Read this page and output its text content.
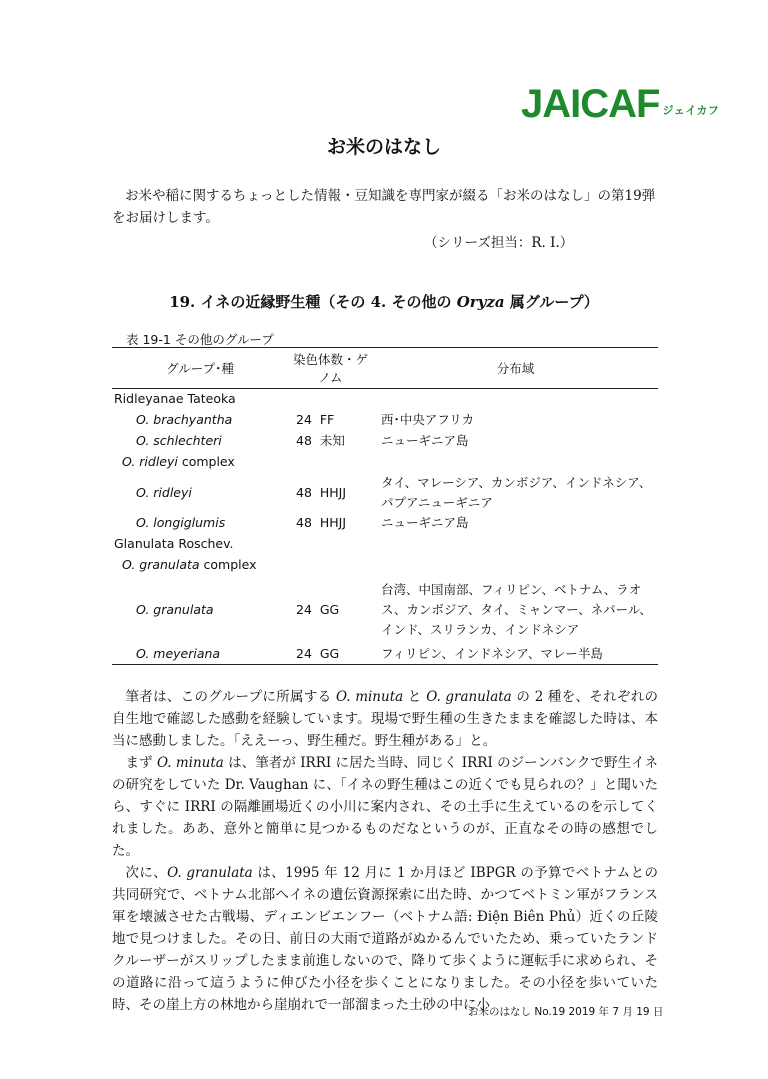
JAICAF ジェイカフ
お米のはなし

お米や稲に関するちょっとした情報・豆知識を専門家が綴る「お米のはなし」の第19弾をお届けします。

（シリーズ担当：R. I.）
19. イネの近縁野生種（その 4. その他の Oryza 属グループ）
表 19-1 その他のグループ
グループ･種	染色体数・ゲノム	分布域
Ridleyanae Tateoka		
O. brachyantha	24  FF	西･中央アフリカ
O. schlechteri	48  未知	ニューギニア島
O. ridleyi complex		
O. ridleyi	48  HHJJ	タイ、マレーシア、カンボジア、インドネシア、パプアニューギニア
O. longiglumis	48  HHJJ	ニューギニア島
Glanulata Roschev.		
O. granulata complex		
O. granulata	24  GG	台湾、中国南部、フィリピン、ベトナム、ラオス、カンボジア、タイ、ミャンマー、ネパール、インド、スリランカ、インドネシア
O. meyeriana	24  GG	フィリピン、インドネシア、マレー半島

筆者は、このグループに所属する O. minuta と O. granulata の 2 種を、それぞれの自生地で確認した感動を経験しています。現場で野生種の生きたままを確認した時は、本当に感動しました。「ええーっ、野生種だ。野生種がある」と。

まず O. minuta は、筆者が IRRI に居た当時、同じく IRRI のジーンバンクで野生イネの研究をしていた Dr. Vaughan に、「イネの野生種はこの近くでも見られの？」と聞いたら、すぐに IRRI の隔離圃場近くの小川に案内され、その土手に生えているのを示してくれました。ああ、意外と簡単に見つかるものだなというのが、正直なその時の感想でした。

次に、O. granulata は、1995 年 12 月に 1 か月ほど IBPGR の予算でベトナムとの共同研究で、ベトナム北部へイネの遺伝資源探索に出た時、かつてベトミン軍がフランス軍を壊滅させた古戦場、ディエンビエンフー（ベトナム語: Điện Biên Phủ）近くの丘陵地で見つけました。その日、前日の大雨で道路がぬかるんでいたため、乗っていたランドクルーザーがスリップしたまま前進しないので、降りて歩くように運転手に求められ、その道路に沿って這うように伸びた小径を歩くことになりました。その小径を歩いていた時、その崖上方の林地から崖崩れで一部溜まった土砂の中に小

お米のはなし No.19 2019 年 7 月 19 日
